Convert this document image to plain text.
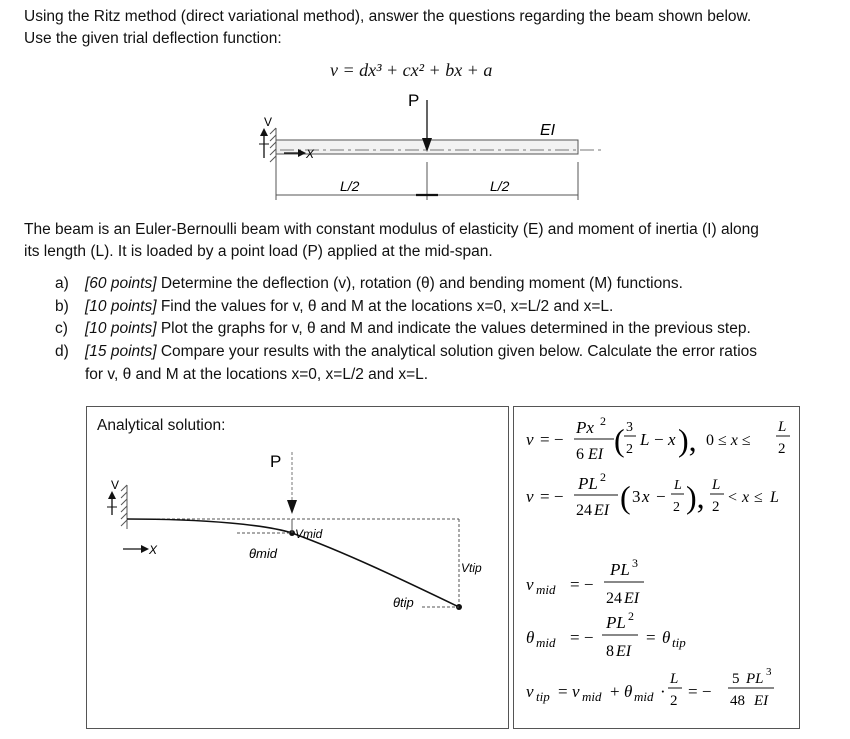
Using the Ritz method (direct variational method), answer the questions regarding the beam shown below.
Use the given trial deflection function:
v = dx³ + cx² + bx + a
V
X
P
EI
L/2	L/2
The beam is an Euler-Bernoulli beam with constant modulus of elasticity (E) and moment of inertia (I) along
its length (L). It is loaded by a point load (P) applied at the mid-span.
a) [60 points] Determine the deflection (v), rotation (θ) and bending moment (M) functions.
b) [10 points] Find the values for v, θ and M at the locations x=0, x=L/2 and x=L.
c) [10 points] Plot the graphs for v, θ and M and indicate the values determined in the previous step.
d) [15 points] Compare your results with the analytical solution given below. Calculate the error ratios
for v, θ and M at the locations x=0, x=L/2 and x=L.
Analytical solution:
V
X
P
θmid
Vmid
θtip
Vtip
v = −
Px 2
6 EI ( 3
2
L − x ), 0 ≤ x ≤
L
2
v = −
PL 2
24 EI ( 3 x −
L
2 ), L
2
< x ≤ L
v mid = −
PL 3
24 EI
θ mid = −
PL 2
8 EI
= θ tip
v tip = v mid + θ mid ·
L
2 = −
5 PL 3
48 EI
